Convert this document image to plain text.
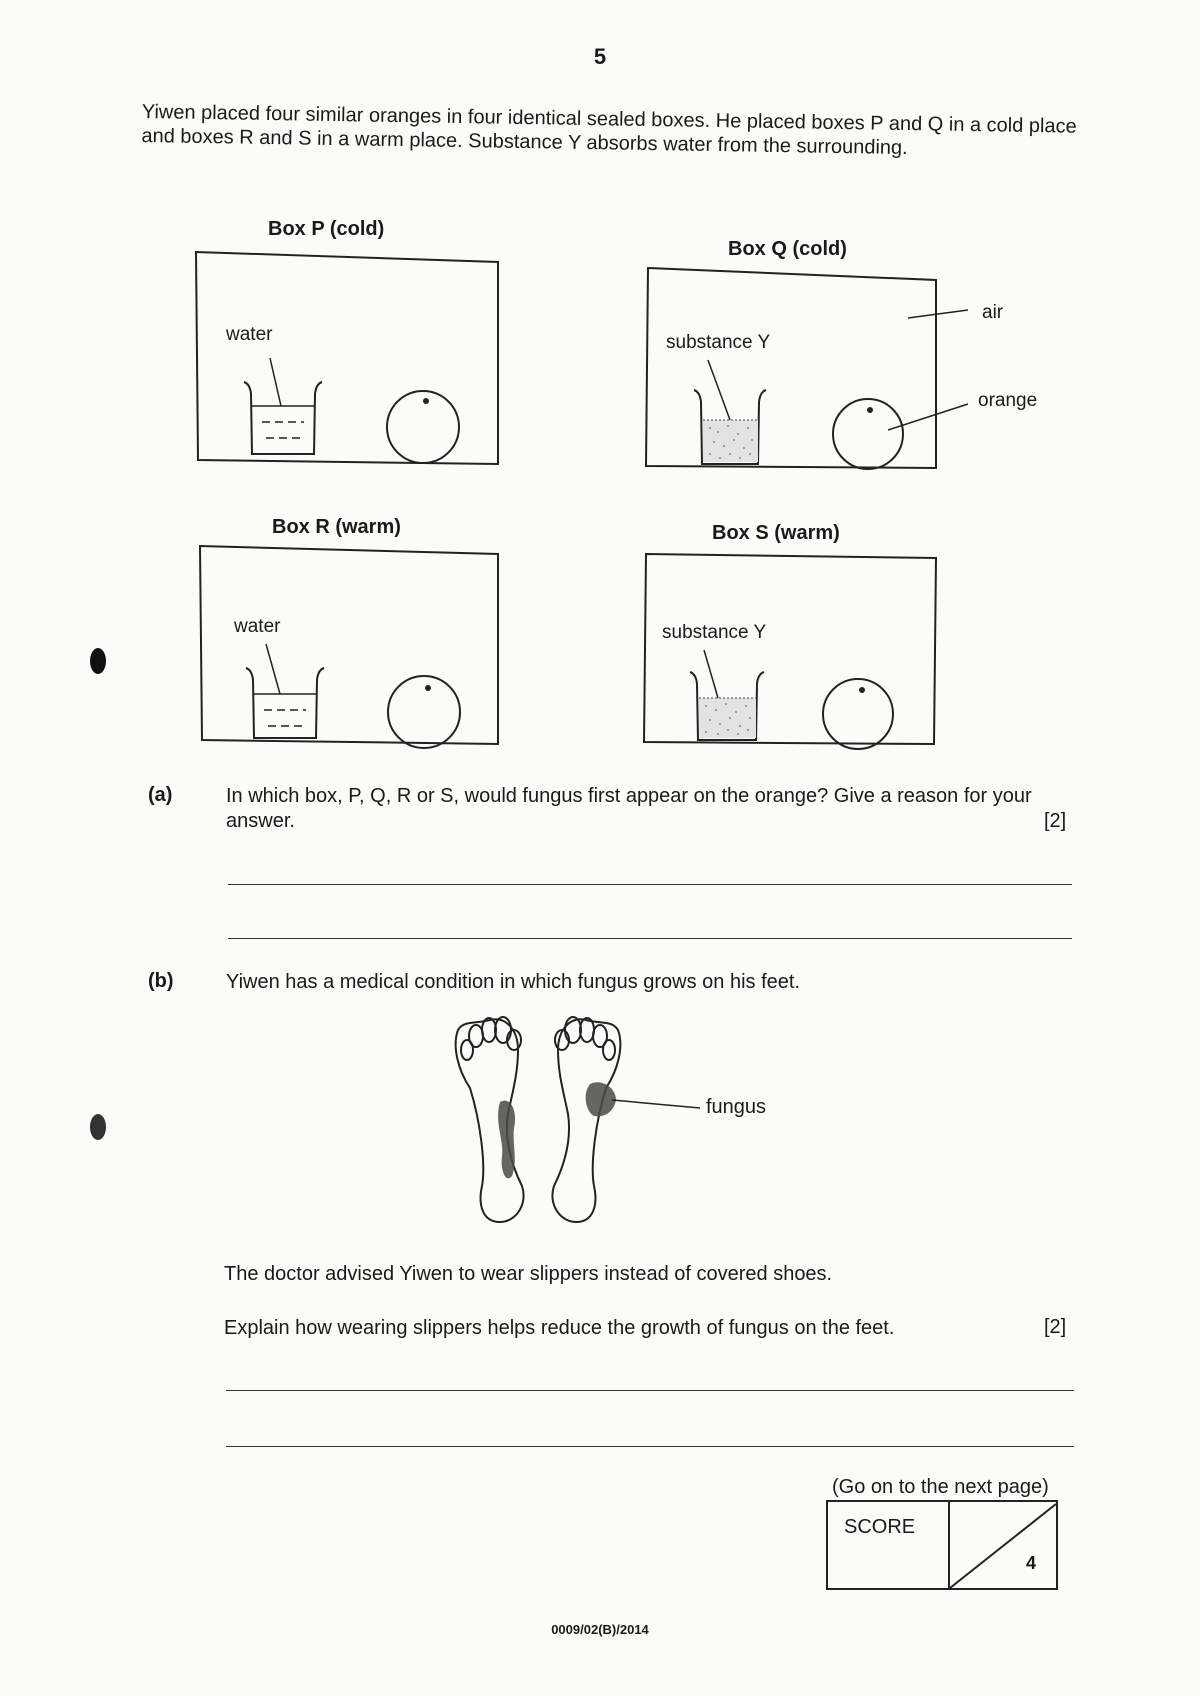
5
Yiwen placed four similar oranges in four identical sealed boxes. He placed boxes P and Q in a cold place and boxes R and S in a warm place. Substance Y absorbs water from the surrounding.
Box P (cold)
water
Box Q (cold)
substance Y
air
orange
Box R (warm)
water
Box S (warm)
substance Y
(a)	In which box, P, Q, R or S, would fungus first appear on the orange? Give a reason for your answer.	[2]
(b)	Yiwen has a medical condition in which fungus grows on his feet.
fungus
The doctor advised Yiwen to wear slippers instead of covered shoes.
Explain how wearing slippers helps reduce the growth of fungus on the feet.	[2]
(Go on to the next page)
SCORE
4
0009/02(B)/2014
